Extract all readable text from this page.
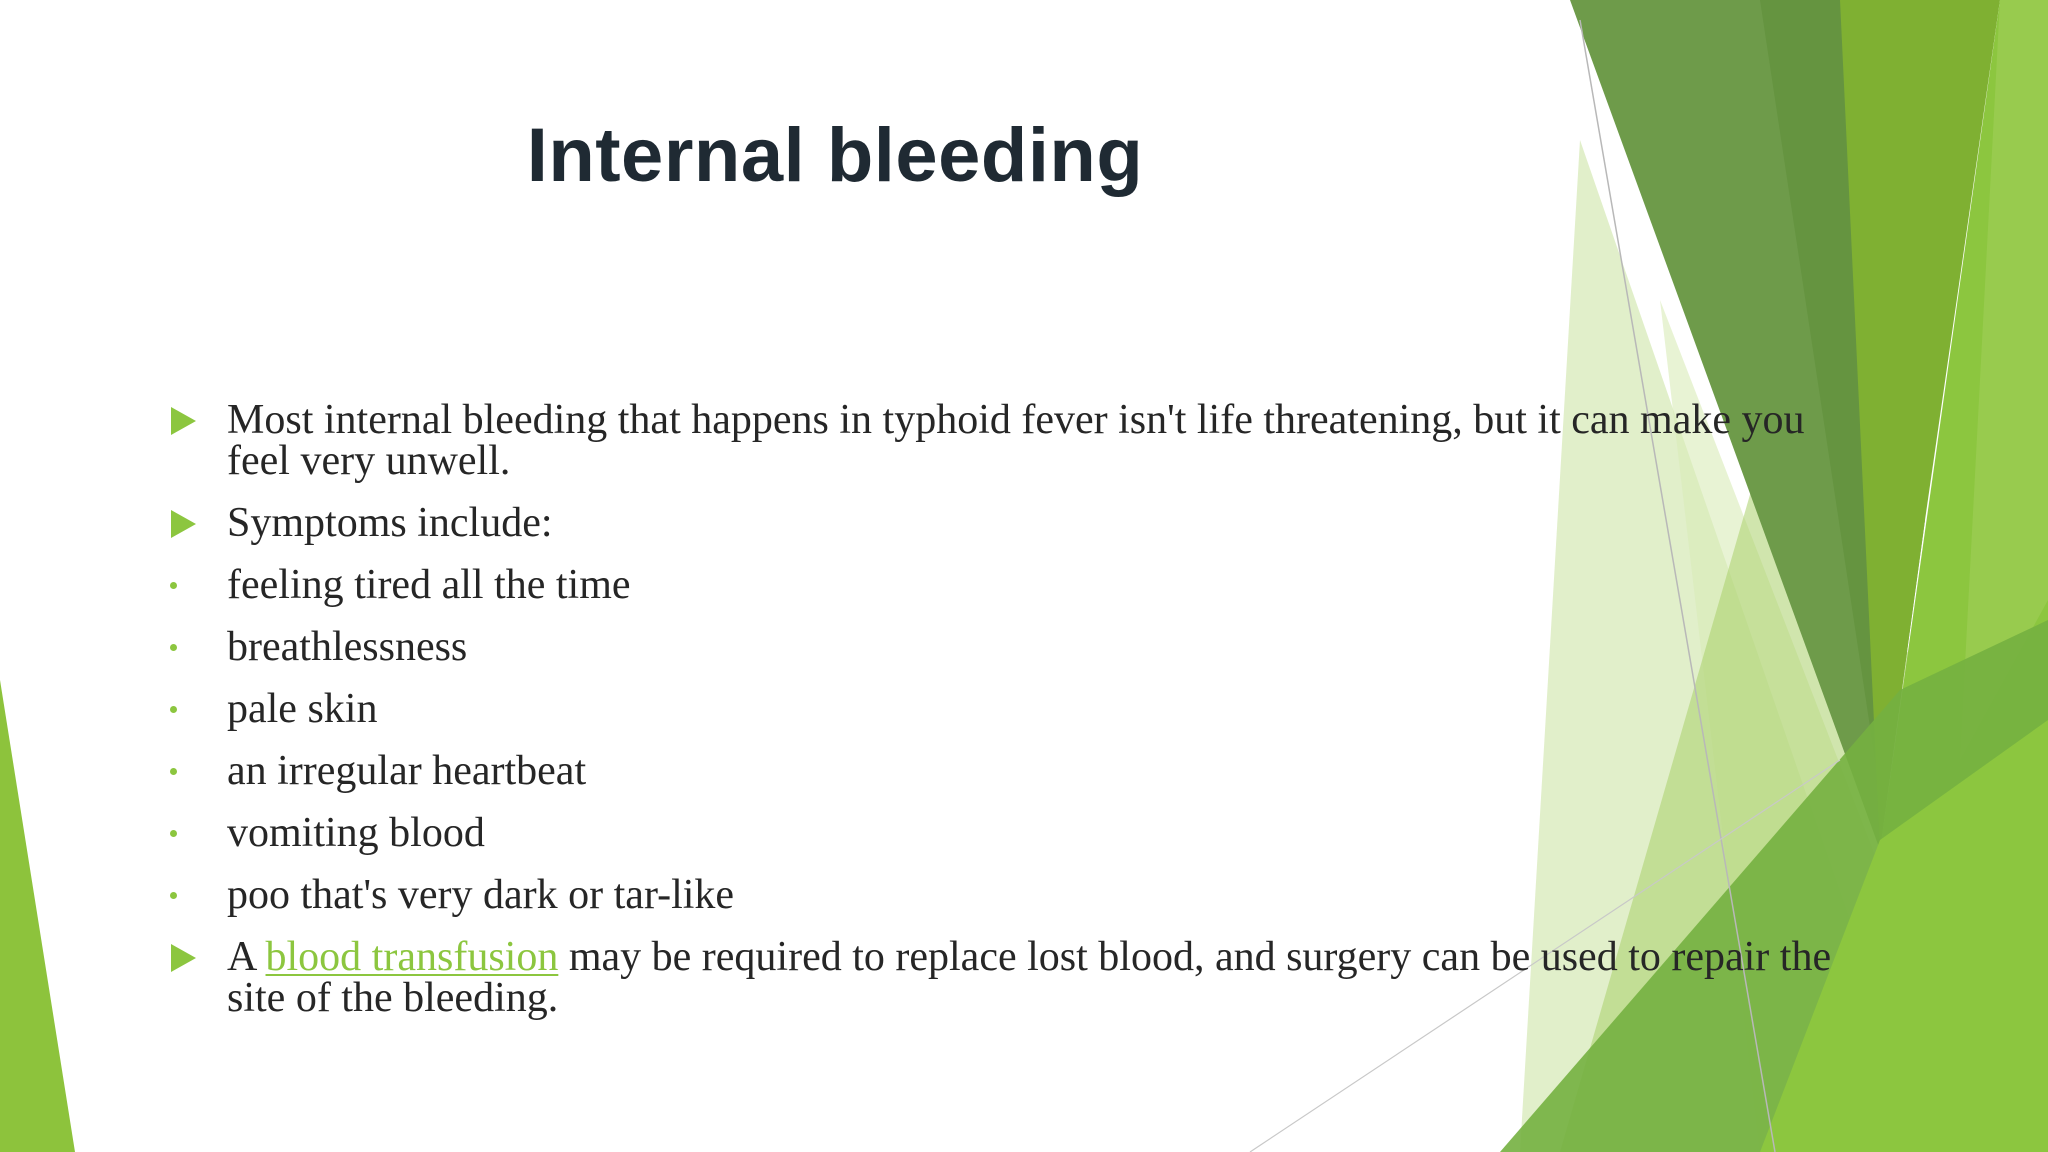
Internal bleeding
Most internal bleeding that happens in typhoid fever isn't life threatening, but it can make you feel very unwell.
Symptoms include:
feeling tired all the time
breathlessness
pale skin
an irregular heartbeat
vomiting blood
poo that's very dark or tar-like
A blood transfusion may be required to replace lost blood, and surgery can be used to repair the site of the bleeding.
